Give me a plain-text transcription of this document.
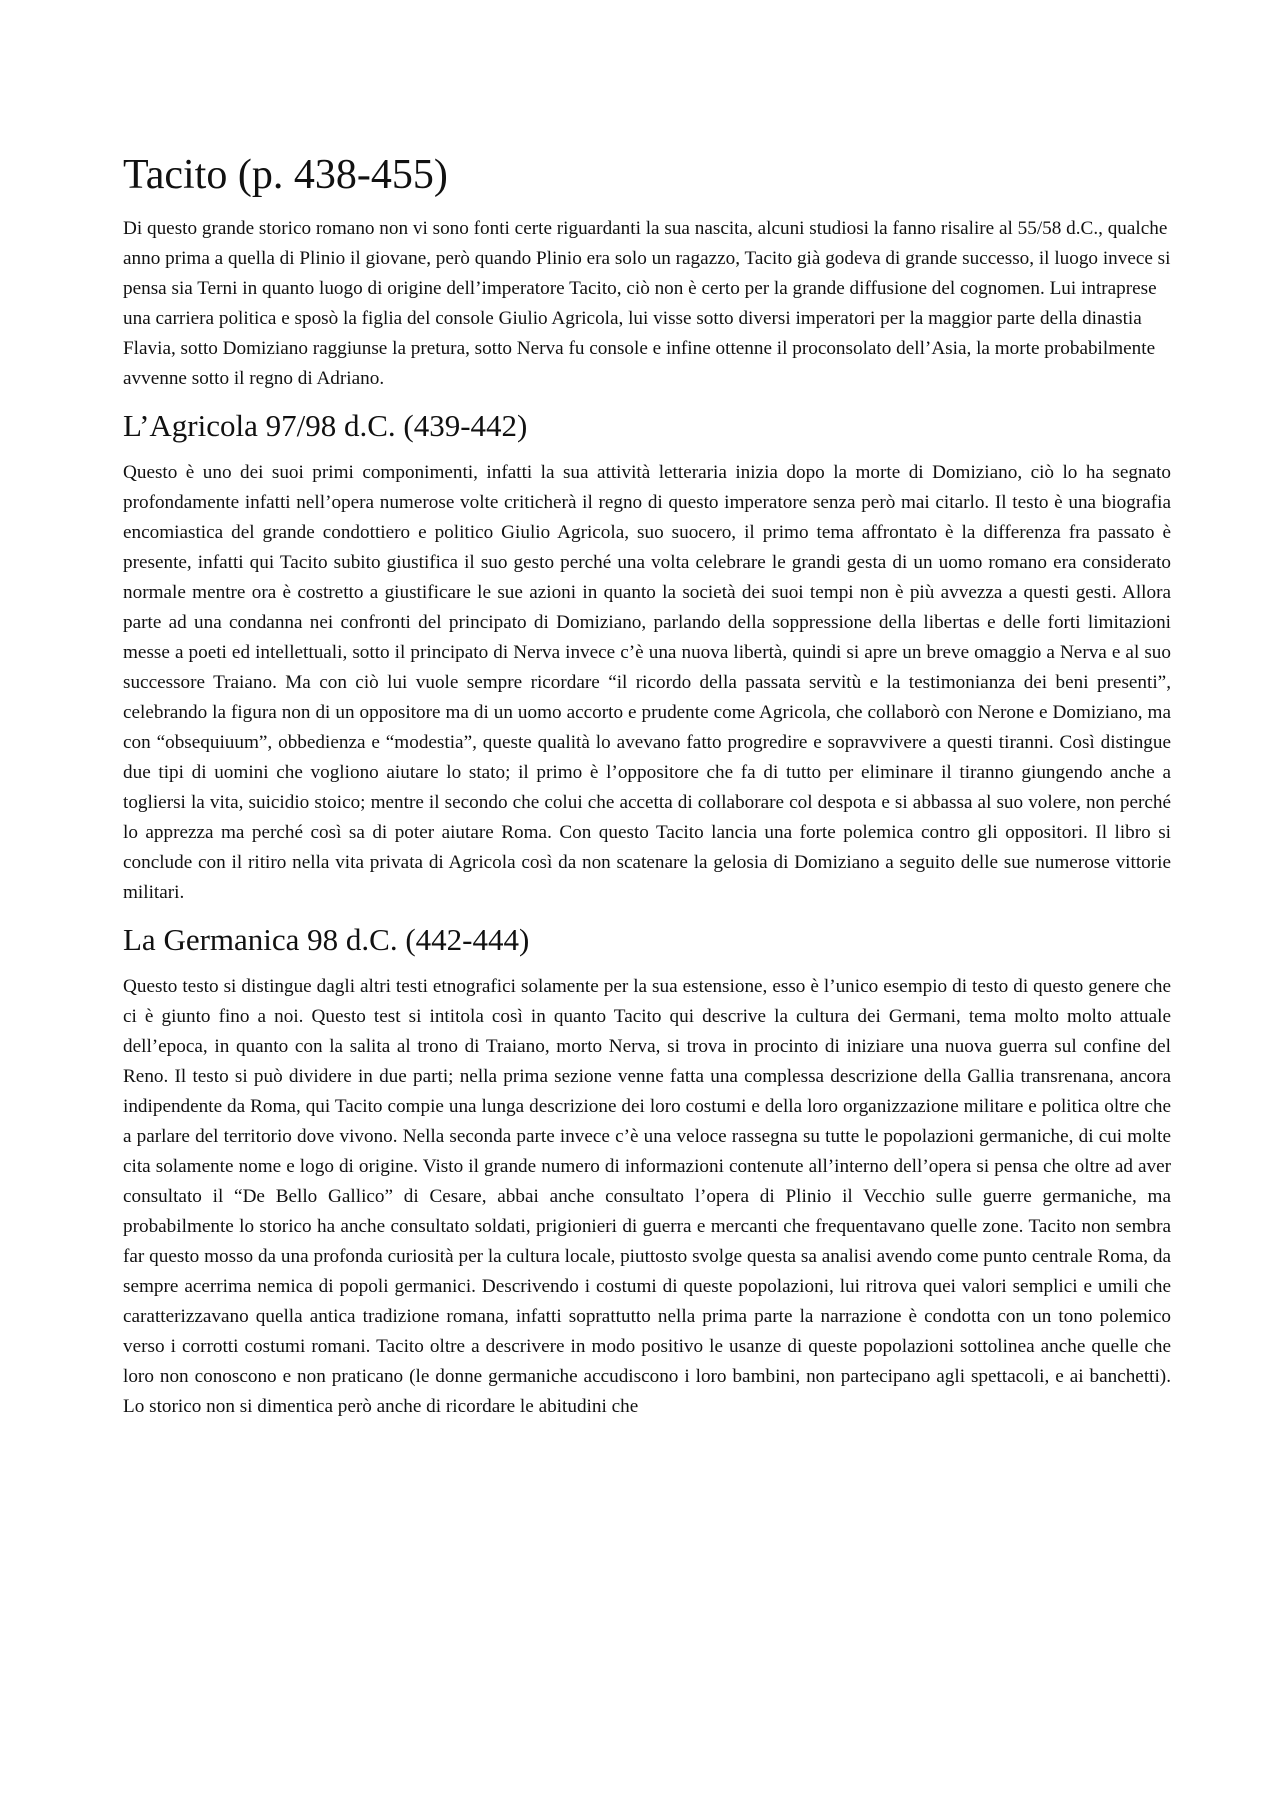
Tacito (p. 438-455)

Di questo grande storico romano non vi sono fonti certe riguardanti la sua nascita, alcuni studiosi la fanno risalire al 55/58 d.C., qualche anno prima a quella di Plinio il giovane, però quando Plinio era solo un ragazzo, Tacito già godeva di grande successo, il luogo invece si pensa sia Terni in quanto luogo di origine dell’imperatore Tacito, ciò non è certo per la grande diffusione del cognomen. Lui intraprese una carriera politica e sposò la figlia del console Giulio Agricola, lui visse sotto diversi imperatori per la maggior parte della dinastia Flavia, sotto Domiziano raggiunse la pretura, sotto Nerva fu console e infine ottenne il proconsolato dell’Asia, la morte probabilmente avvenne sotto il regno di Adriano.

L’Agricola 97/98 d.C. (439-442)

Questo è uno dei suoi primi componimenti, infatti la sua attività letteraria inizia dopo la morte di Domiziano, ciò lo ha segnato profondamente infatti nell’opera numerose volte criticherà il regno di questo imperatore senza però mai citarlo. Il testo è una biografia encomiastica del grande condottiero e politico Giulio Agricola, suo suocero, il primo tema affrontato è la differenza fra passato è presente, infatti qui Tacito subito giustifica il suo gesto perché una volta celebrare le grandi gesta di un uomo romano era considerato normale mentre ora è costretto a giustificare le sue azioni in quanto la società dei suoi tempi non è più avvezza a questi gesti. Allora parte ad una condanna nei confronti del principato di Domiziano, parlando della soppressione della libertas e delle forti limitazioni messe a poeti ed intellettuali, sotto il principato di Nerva invece c’è una nuova libertà, quindi si apre un breve omaggio a Nerva e al suo successore Traiano. Ma con ciò lui vuole sempre ricordare “il ricordo della passata servitù e la testimonianza dei beni presenti”, celebrando la figura non di un oppositore ma di un uomo accorto e prudente come Agricola, che collaborò con Nerone e Domiziano, ma con “obsequiuum”, obbedienza e “modestia”, queste qualità lo avevano fatto progredire e sopravvivere a questi tiranni. Così distingue due tipi di uomini che vogliono aiutare lo stato; il primo è l’oppositore che fa di tutto per eliminare il tiranno giungendo anche a togliersi la vita, suicidio stoico; mentre il secondo che colui che accetta di collaborare col despota e si abbassa al suo volere, non perché lo apprezza ma perché così sa di poter aiutare Roma. Con questo Tacito lancia una forte polemica contro gli oppositori. Il libro si conclude con il ritiro nella vita privata di Agricola così da non scatenare la gelosia di Domiziano a seguito delle sue numerose vittorie militari.

La Germanica 98 d.C. (442-444)

Questo testo si distingue dagli altri testi etnografici solamente per la sua estensione, esso è l’unico esempio di testo di questo genere che ci è giunto fino a noi. Questo test si intitola così in quanto Tacito qui descrive la cultura dei Germani, tema molto molto attuale dell’epoca, in quanto con la salita al trono di Traiano, morto Nerva, si trova in procinto di iniziare una nuova guerra sul confine del Reno. Il testo si può dividere in due parti; nella prima sezione venne fatta una complessa descrizione della Gallia transrenana, ancora indipendente da Roma, qui Tacito compie una lunga descrizione dei loro costumi e della loro organizzazione militare e politica oltre che a parlare del territorio dove vivono. Nella seconda parte invece c’è una veloce rassegna su tutte le popolazioni germaniche, di cui molte cita solamente nome e logo di origine. Visto il grande numero di informazioni contenute all’interno dell’opera si pensa che oltre ad aver consultato il “De Bello Gallico” di Cesare, abbai anche consultato l’opera di Plinio il Vecchio sulle guerre germaniche, ma probabilmente lo storico ha anche consultato soldati, prigionieri di guerra e mercanti che frequentavano quelle zone. Tacito non sembra far questo mosso da una profonda curiosità per la cultura locale, piuttosto svolge questa sa analisi avendo come punto centrale Roma, da sempre acerrima nemica di popoli germanici. Descrivendo i costumi di queste popolazioni, lui ritrova quei valori semplici e umili che caratterizzavano quella antica tradizione romana, infatti soprattutto nella prima parte la narrazione è condotta con un tono polemico verso i corrotti costumi romani. Tacito oltre a descrivere in modo positivo le usanze di queste popolazioni sottolinea anche quelle che loro non conoscono e non praticano (le donne germaniche accudiscono i loro bambini, non partecipano agli spettacoli, e ai banchetti). Lo storico non si dimentica però anche di ricordare le abitudini che
